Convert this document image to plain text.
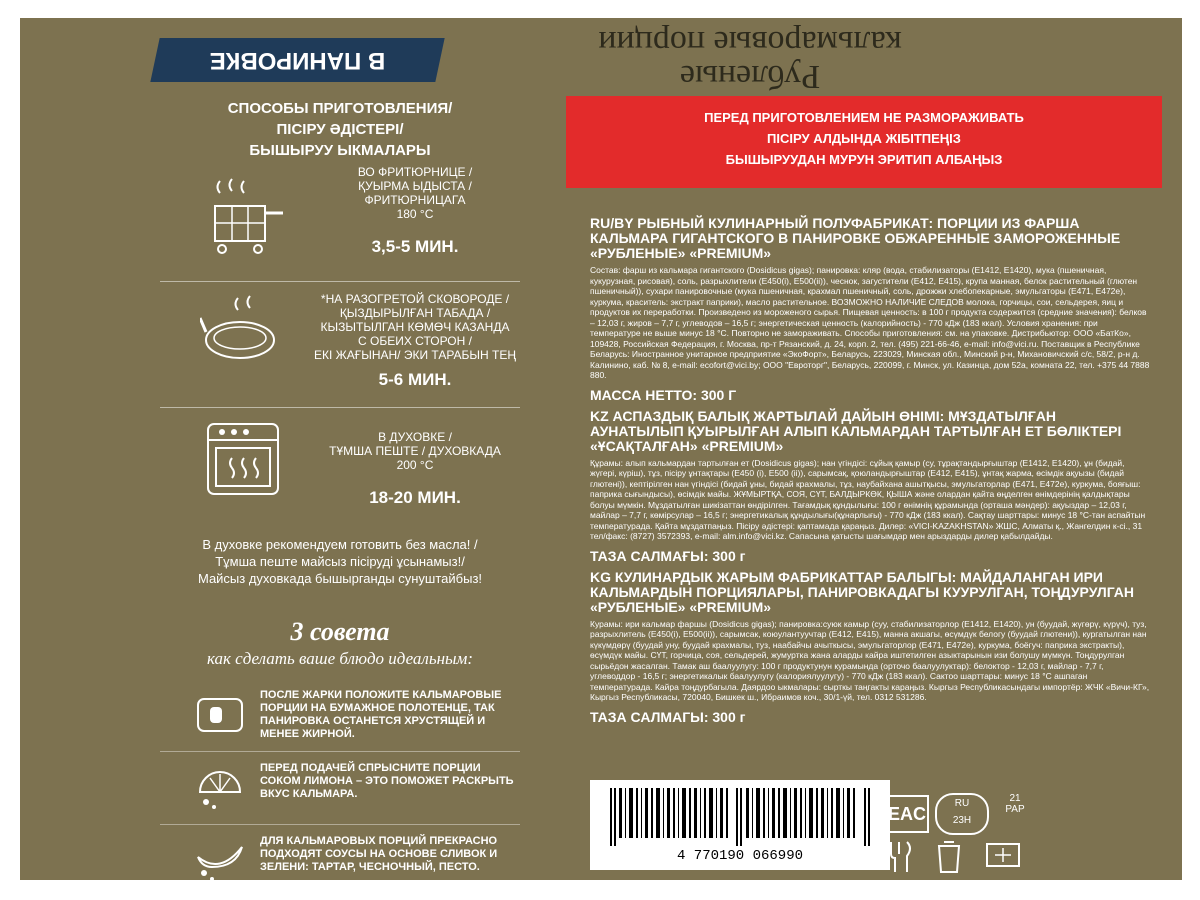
Рубленые
кальмаровые порции
В ПАНИРОВКЕ
ПЕРЕД ПРИГОТОВЛЕНИЕМ НЕ РАЗМОРАЖИВАТЬ
ПІСІРУ АЛДЫНДА ЖІБІТПЕҢІЗ
БЫШЫРУУДАН МУРУН ЭРИТИП АЛБАҢЫЗ
СПОСОБЫ ПРИГОТОВЛЕНИЯ/
ПІСІРУ ӘДІСТЕРІ/
БЫШЫРУУ ЫКМАЛАРЫ
ВО ФРИТЮРНИЦЕ /
ҚУЫРМА ЫДЫСТА /
ФРИТЮРНИЦАГА
180 °C
3,5-5 МИН.
*НА РАЗОГРЕТОЙ СКОВОРОДЕ /
ҚЫЗДЫРЫЛҒАН ТАБАДА /
КЫЗЫТЫЛГАН КӨМӨЧ КАЗАНДА
С ОБЕИХ СТОРОН /
ЕКІ ЖАҒЫНАН/ ЭКИ ТАРАБЫН ТЕҢ
5-6 МИН.
В ДУХОВКЕ /
ТҰМША ПЕШТЕ / ДУХОВКАДА
200 °C
18-20 МИН.
В духовке рекомендуем готовить без масла! /
Тұмша пеште майсыз пісіруді ұсынамыз!/
Майсыз духовкада бышырганды сунуштайбыз!
3 совета
как сделать ваше блюдо идеальным:
ПОСЛЕ ЖАРКИ ПОЛОЖИТЕ КАЛЬМАРОВЫЕ ПОРЦИИ НА БУМАЖНОЕ ПОЛОТЕНЦЕ, ТАК ПАНИРОВКА ОСТАНЕТСЯ ХРУСТЯЩЕЙ И МЕНЕЕ ЖИРНОЙ.
ПЕРЕД ПОДАЧЕЙ СПРЫСНИТЕ ПОРЦИИ СОКОМ ЛИМОНА – ЭТО ПОМОЖЕТ РАСКРЫТЬ ВКУС КАЛЬМАРА.
ДЛЯ КАЛЬМАРОВЫХ ПОРЦИЙ ПРЕКРАСНО ПОДХОДЯТ СОУСЫ НА ОСНОВЕ СЛИВОК И ЗЕЛЕНИ: ТАРТАР, ЧЕСНОЧНЫЙ, ПЕСТО.
RU/BY РЫБНЫЙ КУЛИНАРНЫЙ ПОЛУФАБРИКАТ: ПОРЦИИ ИЗ ФАРША КАЛЬМАРА ГИГАНТСКОГО В ПАНИРОВКЕ ОБЖАРЕННЫЕ ЗАМОРОЖЕННЫЕ «РУБЛЕНЫЕ» «PREMIUM»
Состав: фарш из кальмара гигантского (Dosidicus gigas); панировка: кляр (вода, стабилизаторы (Е1412, Е1420), мука (пшеничная, кукурузная, рисовая), соль, разрыхлители (Е450(i), Е500(ii)), чеснок, загустители (Е412, Е415), крупа манная, белок растительный (глютен пшеничный)), сухари панировочные (мука пшеничная, крахмал пшеничный, соль, дрожжи хлебопекарные, эмульгаторы (Е471, Е472е), куркума, краситель: экстракт паприки), масло растительное. ВОЗМОЖНО НАЛИЧИЕ СЛЕДОВ молока, горчицы, сои, сельдерея, яиц и продуктов их переработки. Произведено из мороженого сырья. Пищевая ценность: в 100 г продукта содержится (средние значения): белков – 12,03 г, жиров – 7,7 г, углеводов – 16,5 г; энергетическая ценность (калорийность) - 770 кДж (183 ккал). Условия хранения: при температуре не выше минус 18 °С. Повторно не замораживать. Способы приготовления: см. на упаковке. Дистрибьютор: ООО «БатКо», 109428, Российская Федерация, г. Москва, пр-т Рязанский, д. 24, корп. 2, тел. (495) 221-66-46, e-mail: info@vici.ru. Поставщик в Республике Беларусь: Иностранное унитарное предприятие «ЭкоФорт», Беларусь, 223029, Минская обл., Минский р-н, Михановичский с/с, 58/2, р-н д. Калинино, каб. № 8, e-mail: ecofort@vici.by; ООО "Евроторг", Беларусь, 220099, г. Минск, ул. Казинца, дом 52а, комната 22, тел. +375 44 7888 880.
МАССА НЕТТО: 300 Г
KZ АСПАЗДЫҚ БАЛЫҚ ЖАРТЫЛАЙ ДАЙЫН ӨНІМІ: МҰЗДАТЫЛҒАН АУНАТЫЛЫП ҚУЫРЫЛҒАН АЛЫП КАЛЬМАРДАН ТАРТЫЛҒАН ЕТ БӨЛІКТЕРІ «ҰСАҚТАЛҒАН» «PREMIUM»
Құрамы: алып кальмардан тартылған ет (Dosidicus gigas); нан үгіндісі: сұйық қамыр (су, тұрақтандырғыштар (Е1412, Е1420), ұн (бидай, жүгері, күріш), тұз, пісіру ұнтақтары (Е450 (i), Е500 (ii)), сарымсақ, қоюландырғыштар (Е412, Е415), ұнтақ жарма, өсімдік ақуызы (бидай глютені)), кептірілген нан үгіндісі (бидай ұны, бидай крахмалы, тұз, наубайхана ашытқысы, эмульгаторлар (Е471, Е472е), куркума, бояғыш: паприка сығындысы), өсімдік майы. ЖҰМЫРТҚА, СОЯ, СҮТ, БАЛДЫРКӨК, ҚЫША және олардан қайта өңделген өнімдерінің қалдықтары болуы мүмкін. Мұздатылған шикізаттан өндірілген. Тағамдық құндылығы: 100 г өнімнің құрамында (орташа мәндер): ақуыздар – 12,03 г, майлар – 7,7 г, көмірсулар – 16,5 г; энергетикалық құндылығы(құнарлығы) - 770 кДж (183 ккал). Сақтау шарттары: минус 18 °С-тан аспайтын температурада. Қайта мұздатпаңыз. Пісіру әдістері: қаптамада қараңыз. Дилер: «VICI-KAZAKHSTAN» ЖШС, Алматы қ., Жангелдин к-сі., 31 тел/факс: (8727) 3572393, e-mail: alm.info@vici.kz. Сапасына қатысты шағымдар мен арыздарды дилер қабылдайды.
ТАЗА САЛМАҒЫ: 300 г
KG КУЛИНАРДЫК ЖАРЫМ ФАБРИКАТТАР БАЛЫГЫ: МАЙДАЛАНГАН ИРИ КАЛЬМАРДЫН ПОРЦИЯЛАРЫ, ПАНИРОВКАДАГЫ КУУРУЛГАН, ТОҢДУРУЛГАН «РУБЛЕНЫЕ» «PREMIUM»
Курамы: ири кальмар фаршы (Dosidicus gigas); панировка:суюк камыр (суу, стабилизаторлор (Е1412, Е1420), ун (буудай, жүгөрү, күрүч), туз, разрыхлитель (Е450(i), Е500(ii)), сарымсак, коюулантуучтар (Е412, Е415), манна акшагы, өсүмдүк белогу (буудай глютени)), кургатылган нан күкүмдөрү (буудай уну, буудай крахмалы, туз, наабайчы ачыткысы, эмульгаторлор (Е471, Е472е), куркума, боёгуч: паприка экстракты), өсүмдүк майы. СҮТ, горчица, соя, сельдерей, жумуртка жана аларды кайра иштетилген азыктарынын изи болушу мүмкүн. Тоңдурулган сырьёдон жасалган. Тамак аш баалуулугу: 100 г продуктунун курамында (орточо баалуулуктар): белоктор - 12,03 г, майлар - 7,7 г, углеводдор - 16,5 г; энергетикалык баалуулугу (калориялуулугу) - 770 кДж (183 ккал). Сактоо шарттары: минус 18 °С ашпаган температурада. Кайра тоңдурбагыла. Даярдоо ыкмалары: сырткы таңгакты караңыз. Кыргыз Республикасындагы импортёр: ЖЧК «Вичи-КГ», Кыргыз Республикасы, 720040, Бишкек ш., Ибраимов коч., 30/1-үй, тел. 0312 531286.
ТАЗА САЛМАГЫ: 300 г
4 770190 066990
EAC
RU
23H
21
PAP
